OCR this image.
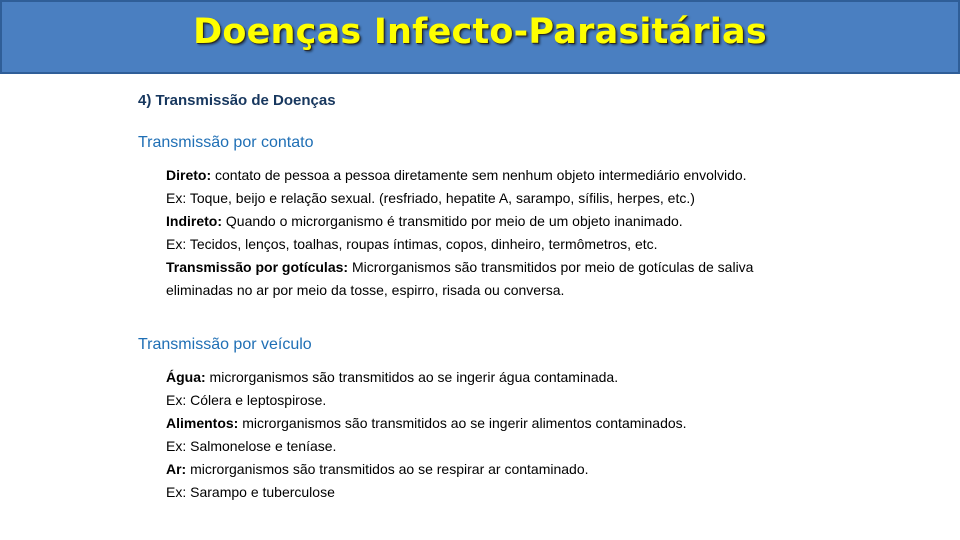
Doenças Infecto-Parasitárias
4) Transmissão de Doenças
Transmissão por contato
Direto: contato de pessoa a pessoa diretamente sem nenhum objeto intermediário envolvido.
Ex: Toque, beijo e relação sexual. (resfriado, hepatite A, sarampo, sífilis, herpes, etc.)
Indireto: Quando o microrganismo é transmitido por meio de um objeto inanimado.
Ex: Tecidos, lenços, toalhas, roupas íntimas, copos, dinheiro, termômetros, etc.
Transmissão por gotículas: Microrganismos são transmitidos por meio de gotículas de saliva eliminadas no ar por meio da tosse, espirro, risada ou conversa.
Transmissão por veículo
Água: microrganismos são transmitidos ao se ingerir água contaminada.
Ex: Cólera e leptospirose.
Alimentos: microrganismos são transmitidos ao se ingerir alimentos contaminados.
Ex: Salmonelose e teníase.
Ar: microrganismos são transmitidos ao se respirar ar contaminado.
Ex: Sarampo e tuberculose
